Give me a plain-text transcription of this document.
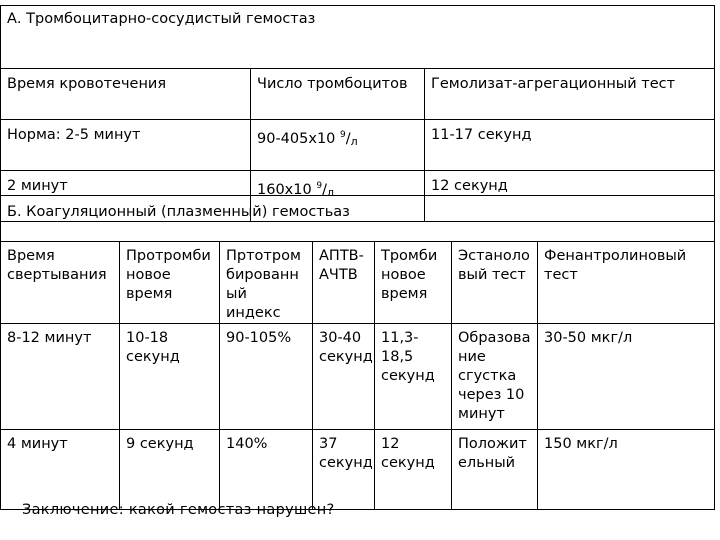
А. Тромбоцитарно-сосудистый гемостаз		
Время кровотечения	Число тромбоцитов	Гемолизат-агрегационный тест
Норма: 2-5 минут	90-405х10 $^9/_л$	11-17 секунд
2 минут	160х10 $^9/_л$	12 секунд
Б. Коагуляционный (плазменный) гемостьаз						
Время свертывания	Протромби новое время	Пртотром бированн ый индекс	АПТВ-АЧТВ	Тромби новое время	Эстаноло вый тест	Фенантролиновый тест
8-12 минут	10-18 секунд	90-105%	30-40 секунд	11,3-18,5 секунд	Образова ние сгустка через 10 минут	30-50 мкг/л
4 минут	9 секунд	140%	37 секунд	12 секунд	Положит ельный	150 мкг/л
Заключение: какой гемостаз нарушен?
